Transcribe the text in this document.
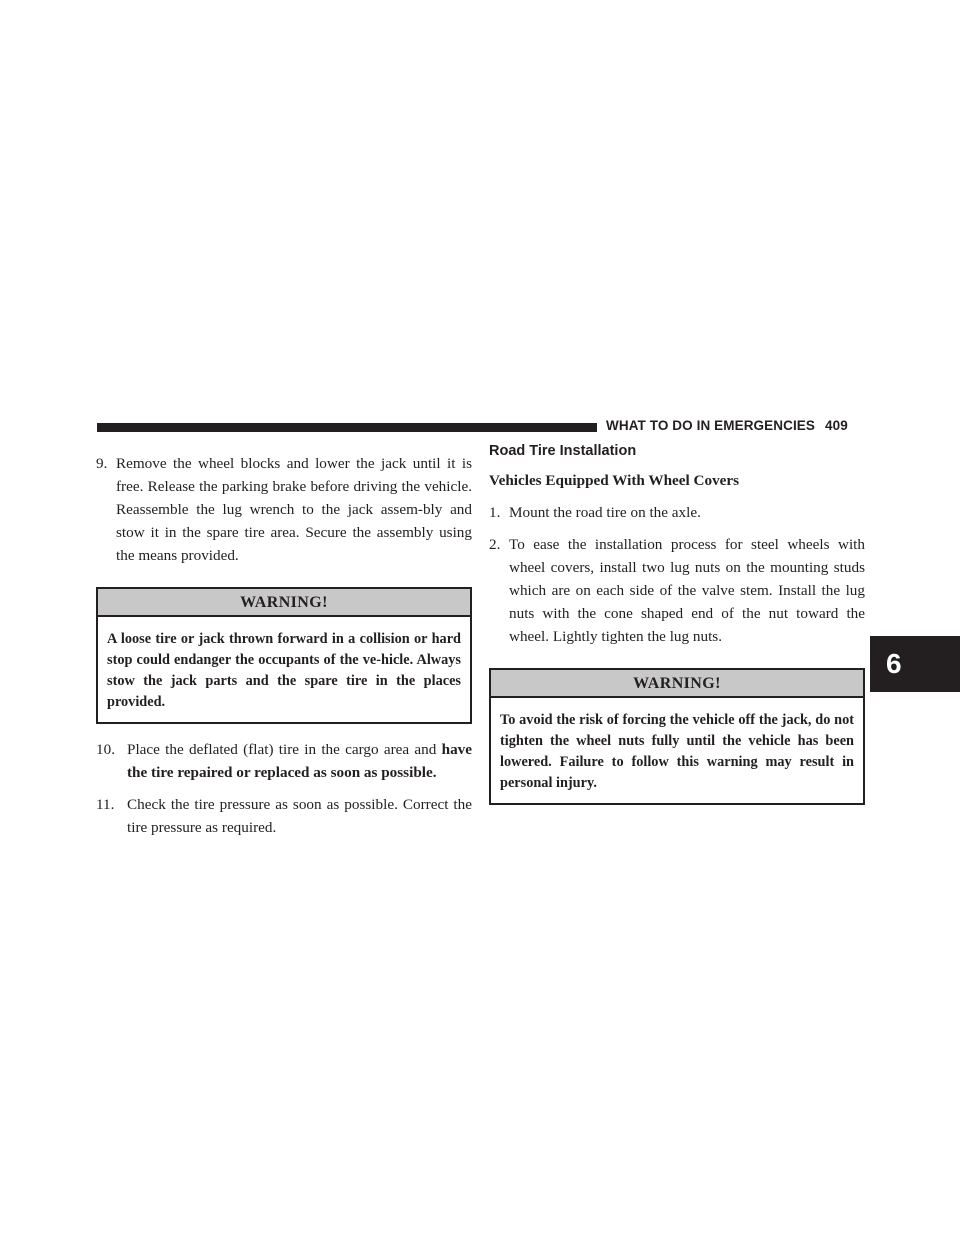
WHAT TO DO IN EMERGENCIES 409
6
9. Remove the wheel blocks and lower the jack until it is free. Release the parking brake before driving the vehicle. Reassemble the lug wrench to the jack assem-bly and stow it in the spare tire area. Secure the assembly using the means provided.
WARNING!
A loose tire or jack thrown forward in a collision or hard stop could endanger the occupants of the ve-hicle. Always stow the jack parts and the spare tire in the places provided.
10. Place the deflated (flat) tire in the cargo area and have the tire repaired or replaced as soon as possible.
11. Check the tire pressure as soon as possible. Correct the tire pressure as required.
Road Tire Installation
Vehicles Equipped With Wheel Covers
1. Mount the road tire on the axle.
2. To ease the installation process for steel wheels with wheel covers, install two lug nuts on the mounting studs which are on each side of the valve stem. Install the lug nuts with the cone shaped end of the nut toward the wheel. Lightly tighten the lug nuts.
WARNING!
To avoid the risk of forcing the vehicle off the jack, do not tighten the wheel nuts fully until the vehicle has been lowered. Failure to follow this warning may result in personal injury.
